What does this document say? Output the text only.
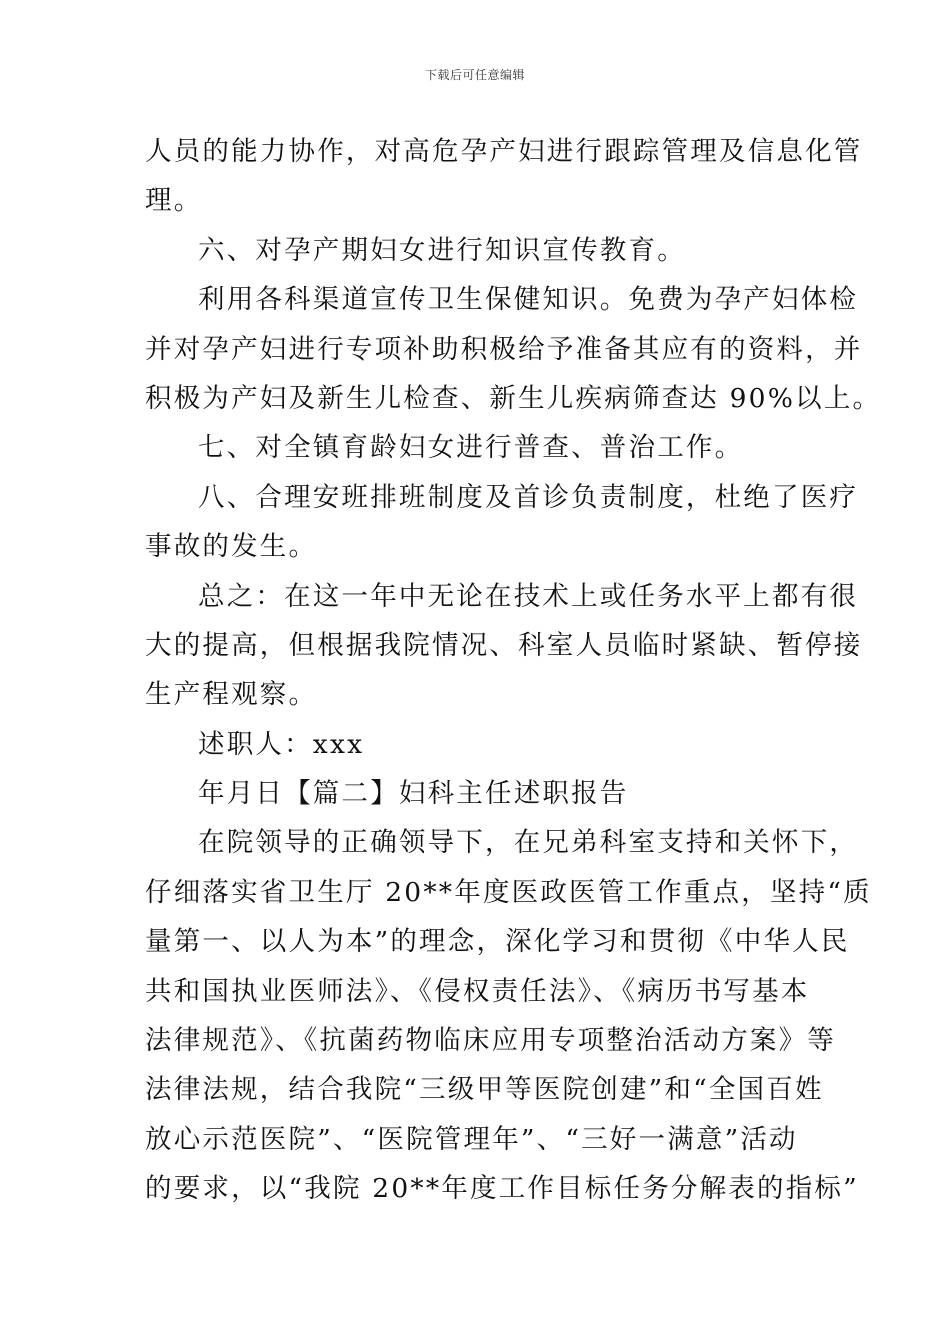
下载后可任意编辑
人员的能力协作，对高危孕产妇进行跟踪管理及信息化管
理。
六、对孕产期妇女进行知识宣传教育。
利用各科渠道宣传卫生保健知识。免费为孕产妇体检
并对孕产妇进行专项补助积极给予准备其应有的资料，并
积极为产妇及新生儿检查、新生儿疾病筛查达 90%以上。
七、对全镇育龄妇女进行普查、普治工作。
八、合理安班排班制度及首诊负责制度，杜绝了医疗
事故的发生。
总之：在这一年中无论在技术上或任务水平上都有很
大的提高，但根据我院情况、科室人员临时紧缺、暂停接
生产程观察。
述职人：xxx
年月日【篇二】妇科主任述职报告
在院领导的正确领导下，在兄弟科室支持和关怀下，
仔细落实省卫生厅 20**年度医政医管工作重点，坚持“质
量第一、以人为本”的理念，深化学习和贯彻《中华人民
共和国执业医师法》、《侵权责任法》、《病历书写基本
法律规范》、《抗菌药物临床应用专项整治活动方案》等
法律法规，结合我院“三级甲等医院创建”和“全国百姓
放心示范医院”、“医院管理年”、“三好一满意”活动
的要求，以“我院 20**年度工作目标任务分解表的指标”
